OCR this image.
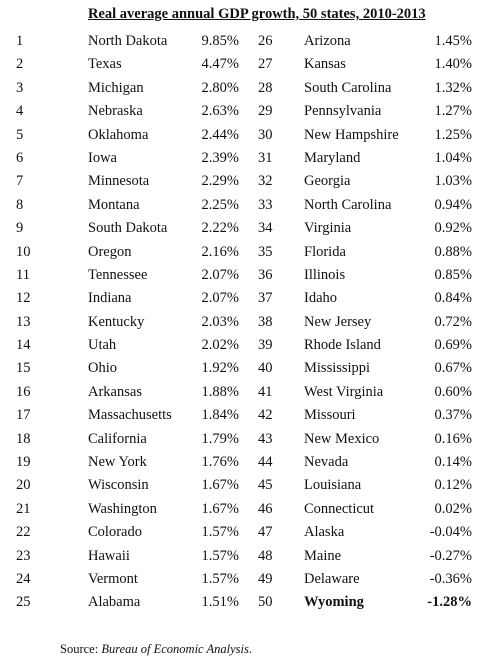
Real average annual GDP growth, 50 states, 2010-2013
1	North Dakota	9.85% 26 Arizona	1.45%
2	Texas	4.47% 27 Kansas	1.40%
3	Michigan	2.80% 28 South Carolina	1.32%
4	Nebraska	2.63% 29 Pennsylvania	1.27%
5	Oklahoma	2.44% 30 New Hampshire	1.25%
6	Iowa	2.39% 31 Maryland	1.04%
7	Minnesota	2.29% 32 Georgia	1.03%
8	Montana	2.25% 33 North Carolina	0.94%
9	South Dakota	2.22% 34 Virginia	0.92%
10	Oregon	2.16% 35 Florida	0.88%
11	Tennessee	2.07% 36 Illinois	0.85%
12	Indiana	2.07% 37 Idaho	0.84%
13	Kentucky	2.03% 38 New Jersey	0.72%
14	Utah	2.02% 39 Rhode Island	0.69%
15	Ohio	1.92% 40 Mississippi	0.67%
16	Arkansas	1.88% 41 West Virginia	0.60%
17	Massachusetts	1.84% 42 Missouri	0.37%
18	California	1.79% 43 New Mexico	0.16%
19	New York	1.76% 44 Nevada	0.14%
20	Wisconsin	1.67% 45 Louisiana	0.12%
21	Washington	1.67% 46 Connecticut	0.02%
22	Colorado	1.57% 47 Alaska	-0.04%
23	Hawaii	1.57% 48 Maine	-0.27%
24	Vermont	1.57% 49 Delaware	-0.36%
25	Alabama	1.51% 50 Wyoming	-1.28%
Source: Bureau of Economic Analysis.
